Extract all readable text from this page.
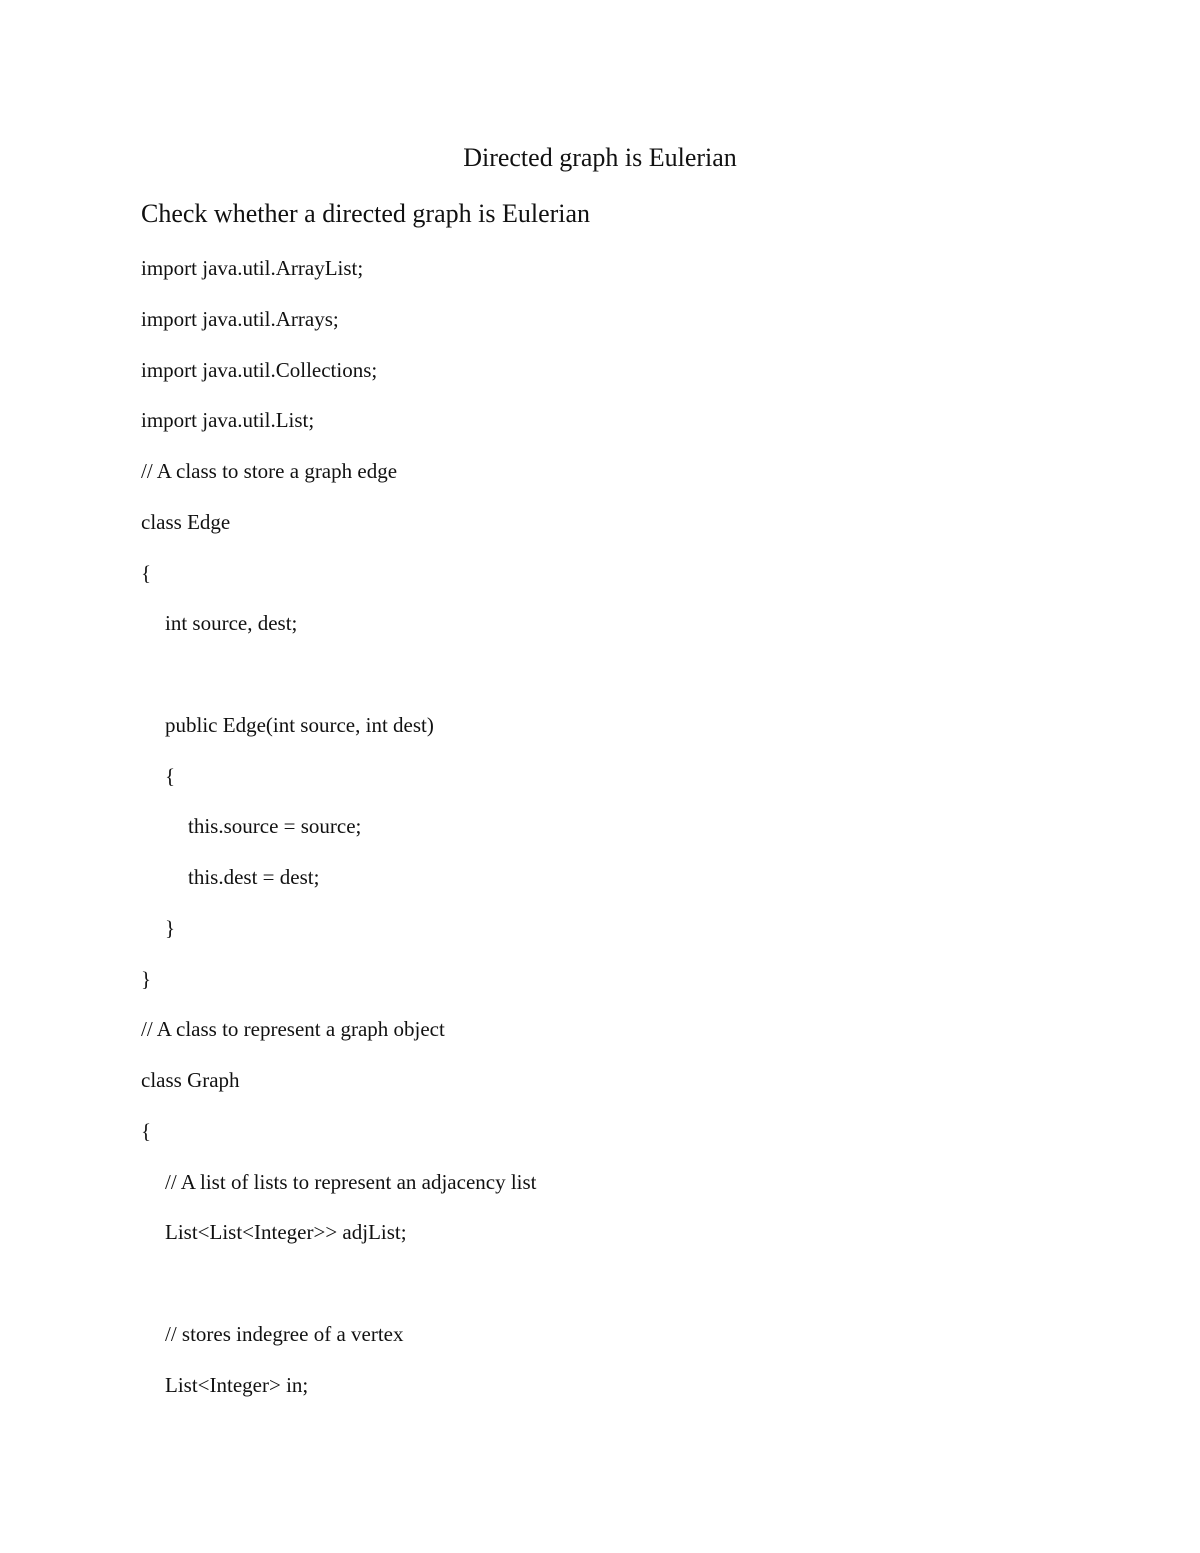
Directed graph is Eulerian
Check whether a directed graph is Eulerian
import java.util.ArrayList;
import java.util.Arrays;
import java.util.Collections;
import java.util.List;
// A class to store a graph edge
class Edge
{
int source, dest;
public Edge(int source, int dest)
{
this.source = source;
this.dest = dest;
}
}
// A class to represent a graph object
class Graph
{
// A list of lists to represent an adjacency list
List<List<Integer>> adjList;
// stores indegree of a vertex
List<Integer> in;
